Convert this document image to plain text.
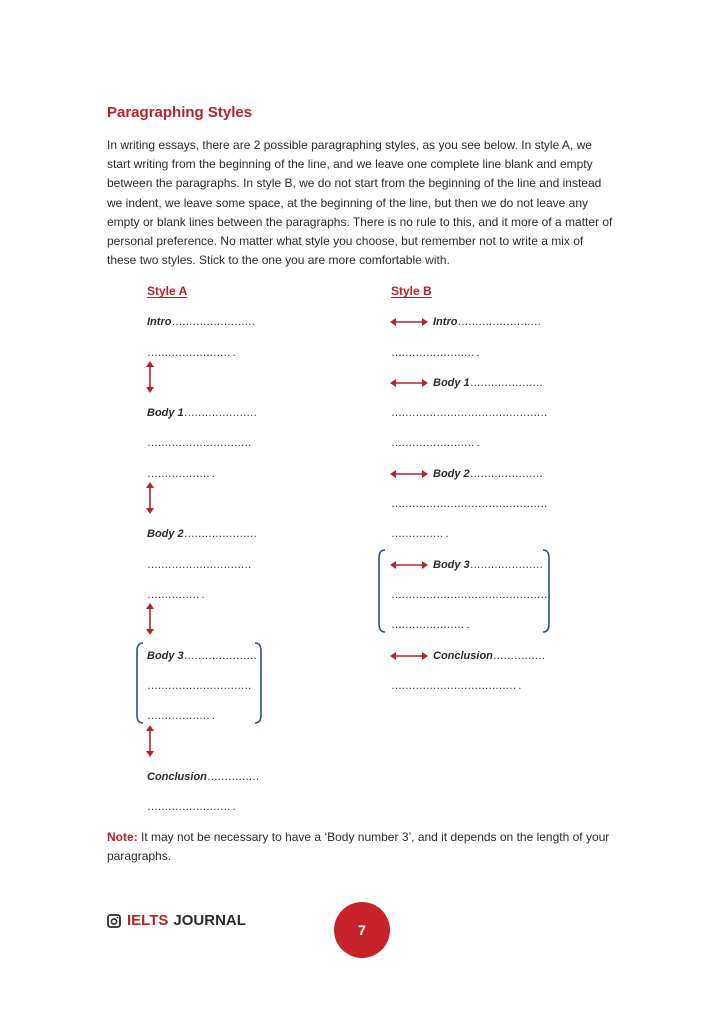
Paragraphing Styles

In writing essays, there are 2 possible paragraphing styles, as you see below. In style A, we start writing from the beginning of the line, and we leave one complete line blank and empty between the paragraphs. In style B, we do not start from the beginning of the line and instead we indent, we leave some space, at the beginning of the line, but then we do not leave any empty or blank lines between the paragraphs. There is no rule to this, and it more of a matter of personal preference. No matter what style you choose, but remember not to write a mix of these two styles. Stick to the one you are more comfortable with.

Style A	Style B
Intro……………………
…………………… .
Body 1…………………
…………………………
……………… .
Body 2…………………
…………………………
…………… .
Body 3…………………
…………………………
……………… .
Conclusion……………
…………………… .
Intro……………………
…………………… .
Body 1…………………
………………………………………
…………………… .
Body 2…………………
………………………………………
…………… .
Body 3…………………
………………………………………
………………… .
Conclusion……………
……………………………… .

Note: It may not be necessary to have a ‘Body number 3’, and it depends on the length of your paragraphs.

IELTS JOURNAL
7
